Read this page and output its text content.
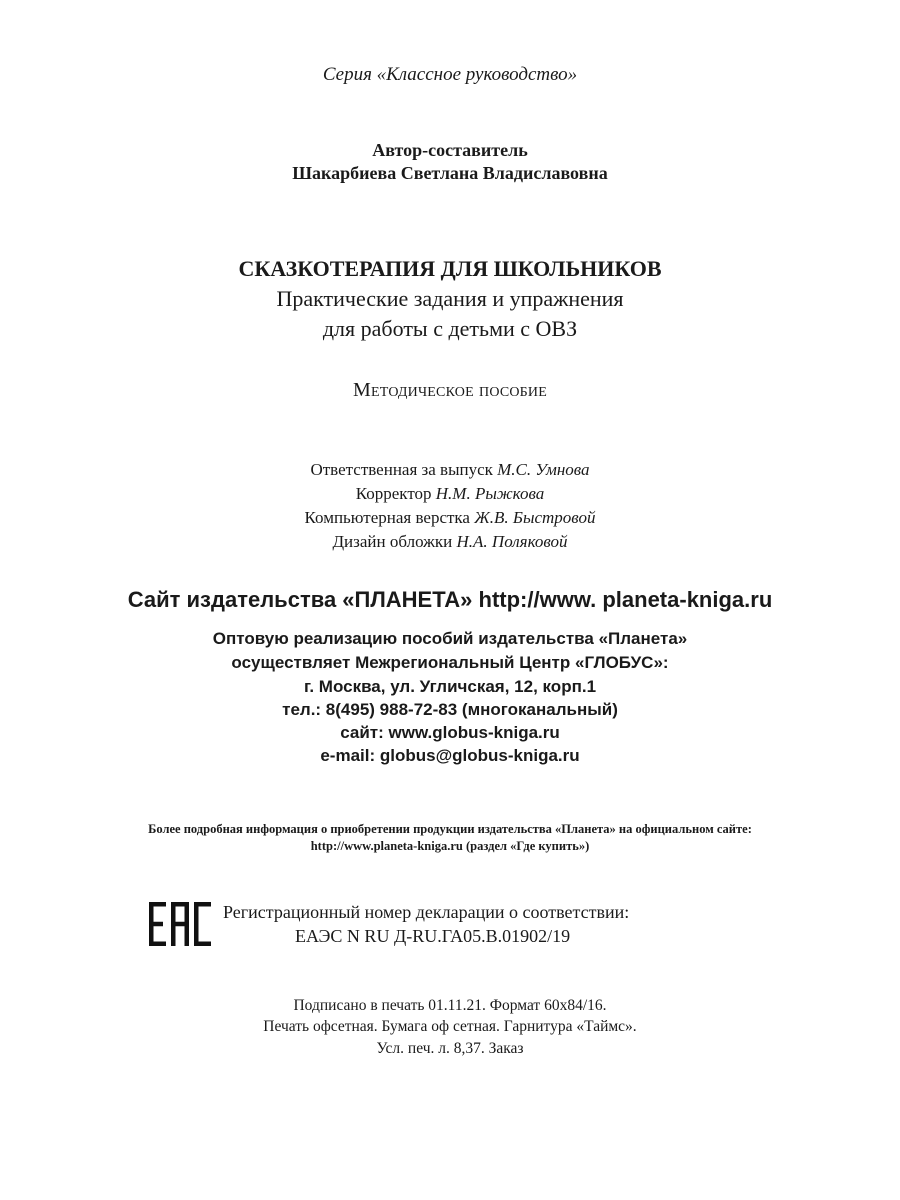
Серия «Классное руководство»
Автор-составитель
Шакарбиева Светлана Владиславовна
СКАЗКОТЕРАПИЯ ДЛЯ ШКОЛЬНИКОВ
Практические задания и упражнения
для работы с детьми с ОВЗ
Методическое пособие
Ответственная за выпуск М.С. Умнова
Корректор Н.М. Рыжкова
Компьютерная верстка Ж.В. Быстровой
Дизайн обложки Н.А. Поляковой
Сайт издательства «ПЛАНЕТА» http://www. planeta-kniga.ru
Оптовую реализацию пособий издательства «Планета»
осуществляет Межрегиональный Центр «ГЛОБУС»:
г. Москва, ул. Угличская, 12, корп.1
тел.: 8(495) 988-72-83 (многоканальный)
сайт: www.globus-kniga.ru
e-mail: globus@globus-kniga.ru
Более подробная информация о приобретении продукции издательства «Планета» на официальном сайте:
http://www.planeta-kniga.ru (раздел «Где купить»)
Регистрационный номер декларации о соответствии:
ЕАЭС N RU Д-RU.ГА05.В.01902/19
Подписано в печать 01.11.21. Формат 60х84/16.
Печать офсетная. Бумага оф сетная. Гарнитура «Таймс».
Усл. печ. л. 8,37. Заказ
